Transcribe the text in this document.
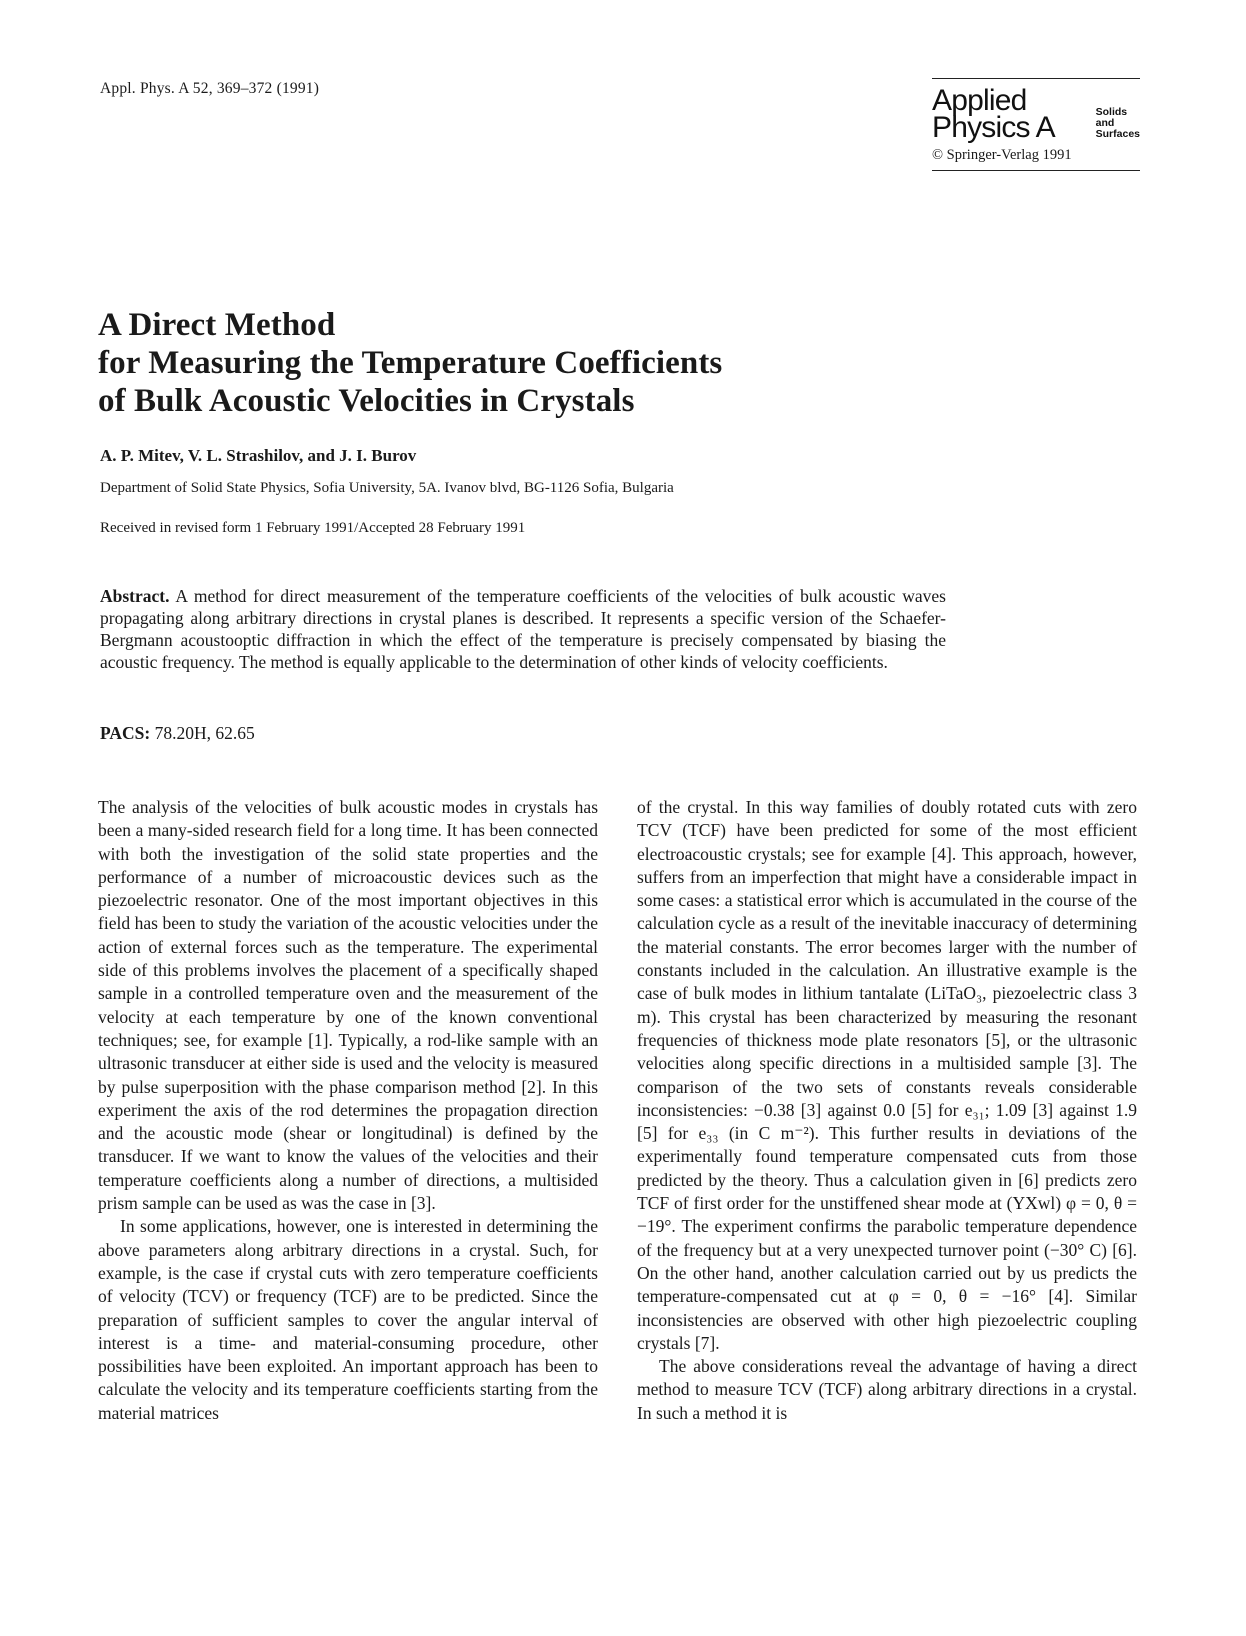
Appl. Phys. A 52, 369–372 (1991)	Applied
Physics A	Solids
and
Surfaces
© Springer-Verlag 1991
A Direct Method
for Measuring the Temperature Coefficients
of Bulk Acoustic Velocities in Crystals
A. P. Mitev, V. L. Strashilov, and J. I. Burov
Department of Solid State Physics, Sofia University, 5A. Ivanov blvd, BG-1126 Sofia, Bulgaria
Received in revised form 1 February 1991/Accepted 28 February 1991

Abstract. A method for direct measurement of the temperature coefficients of the velocities of bulk acoustic waves propagating along arbitrary directions in crystal planes is described. It represents a specific version of the Schaefer-Bergmann acoustooptic diffraction in which the effect of the temperature is precisely compensated by biasing the acoustic frequency. The method is equally applicable to the determination of other kinds of velocity coefficients.

PACS: 78.20H, 62.65

The analysis of the velocities of bulk acoustic modes in crystals has been a many-sided research field for a long time. It has been connected with both the investigation of the solid state properties and the performance of a number of microacoustic devices such as the piezoelectric resonator. One of the most important objectives in this field has been to study the variation of the acoustic velocities under the action of external forces such as the temperature. The experimental side of this problems involves the placement of a specifically shaped sample in a controlled temperature oven and the measurement of the velocity at each temperature by one of the known conventional techniques; see, for example [1]. Typically, a rod-like sample with an ultrasonic transducer at either side is used and the velocity is measured by pulse superposition with the phase comparison method [2]. In this experiment the axis of the rod determines the propagation direction and the acoustic mode (shear or longitudinal) is defined by the transducer. If we want to know the values of the velocities and their temperature coefficients along a number of directions, a multisided prism sample can be used as was the case in [3].

In some applications, however, one is interested in determining the above parameters along arbitrary directions in a crystal. Such, for example, is the case if crystal cuts with zero temperature coefficients of velocity (TCV) or frequency (TCF) are to be predicted. Since the preparation of sufficient samples to cover the angular interval of interest is a time- and material-consuming procedure, other possibilities have been exploited. An important approach has been to calculate the velocity and its temperature coefficients starting from the material matrices

of the crystal. In this way families of doubly rotated cuts with zero TCV (TCF) have been predicted for some of the most efficient electroacoustic crystals; see for example [4]. This approach, however, suffers from an imperfection that might have a considerable impact in some cases: a statistical error which is accumulated in the course of the calculation cycle as a result of the inevitable inaccuracy of determining the material constants. The error becomes larger with the number of constants included in the calculation. An illustrative example is the case of bulk modes in lithium tantalate (LiTaO₃, piezoelectric class 3 m). This crystal has been characterized by measuring the resonant frequencies of thickness mode plate resonators [5], or the ultrasonic velocities along specific directions in a multisided sample [3]. The comparison of the two sets of constants reveals considerable inconsistencies: −0.38 [3] against 0.0 [5] for e₃₁; 1.09 [3] against 1.9 [5] for e₃₃ (in C m⁻²). This further results in deviations of the experimentally found temperature compensated cuts from those predicted by the theory. Thus a calculation given in [6] predicts zero TCF of first order for the unstiffened shear mode at (YXwl) φ = 0, θ = −19°. The experiment confirms the parabolic temperature dependence of the frequency but at a very unexpected turnover point (−30° C) [6]. On the other hand, another calculation carried out by us predicts the temperature-compensated cut at φ = 0, θ = −16° [4]. Similar inconsistencies are observed with other high piezoelectric coupling crystals [7].

The above considerations reveal the advantage of having a direct method to measure TCV (TCF) along arbitrary directions in a crystal. In such a method it is
